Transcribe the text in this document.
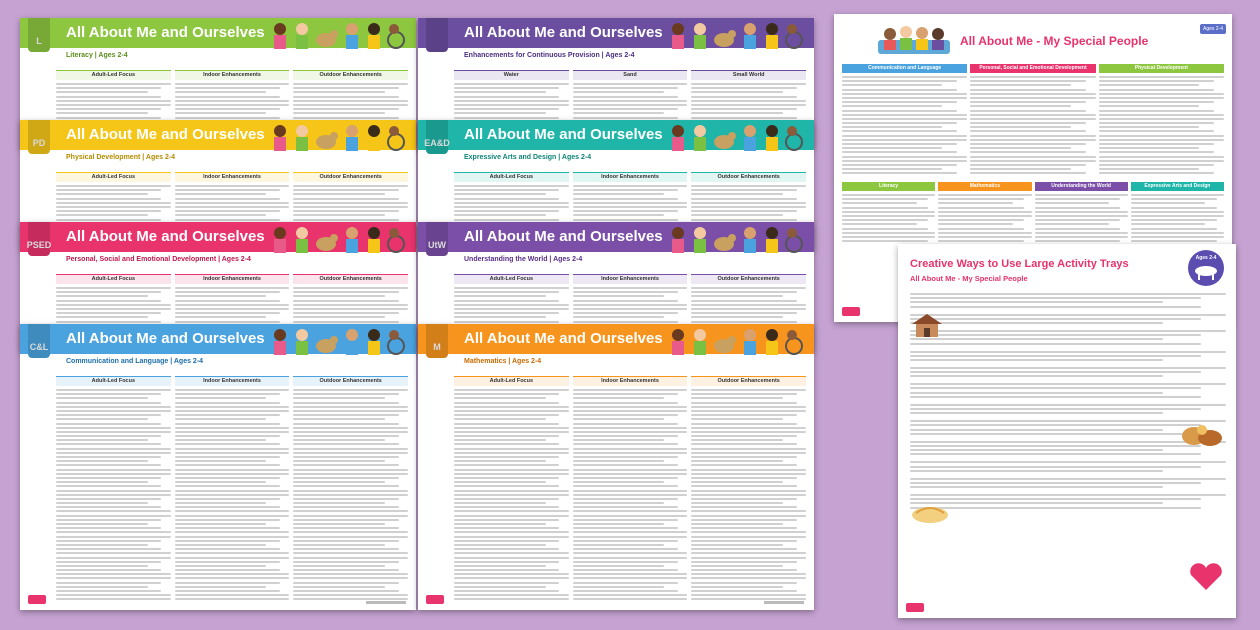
L	All About Me and Ourselves
Literacy | Ages 2-4
Adult-Led Focus	Indoor Enhancements	Outdoor Enhancements
PD	All About Me and Ourselves
Physical Development | Ages 2-4
Adult-Led Focus	Indoor Enhancements	Outdoor Enhancements
PSED All About Me and Ourselves
Personal, Social and Emotional Development | Ages 2-4
Adult-Led Focus	Indoor Enhancements	Outdoor Enhancements
C&L All About Me and Ourselves
Communication and Language | Ages 2-4
Adult-Led Focus	Indoor Enhancements	Outdoor Enhancements
All About Me and Ourselves
Enhancements for Continuous Provision | Ages 2-4
Water	Sand	Small World
EA&D All About Me and Ourselves
Expressive Arts and Design | Ages 2-4
Adult-Led Focus	Indoor Enhancements	Outdoor Enhancements
UtW All About Me and Ourselves
Understanding the World | Ages 2-4
Adult-Led Focus	Indoor Enhancements	Outdoor Enhancements
M	All About Me and Ourselves
Mathematics | Ages 2-4
Adult-Led Focus	Indoor Enhancements	Outdoor Enhancements
All About Me - My Special People
Ages 2-4
Communication and Language	Personal, Social and Emotional Development	Physical Development
Literacy	Mathematics	Understanding the World	Expressive Arts and Design
Creative Ways to Use Large Activity Trays
All About Me - My Special People
Ages 2-4
